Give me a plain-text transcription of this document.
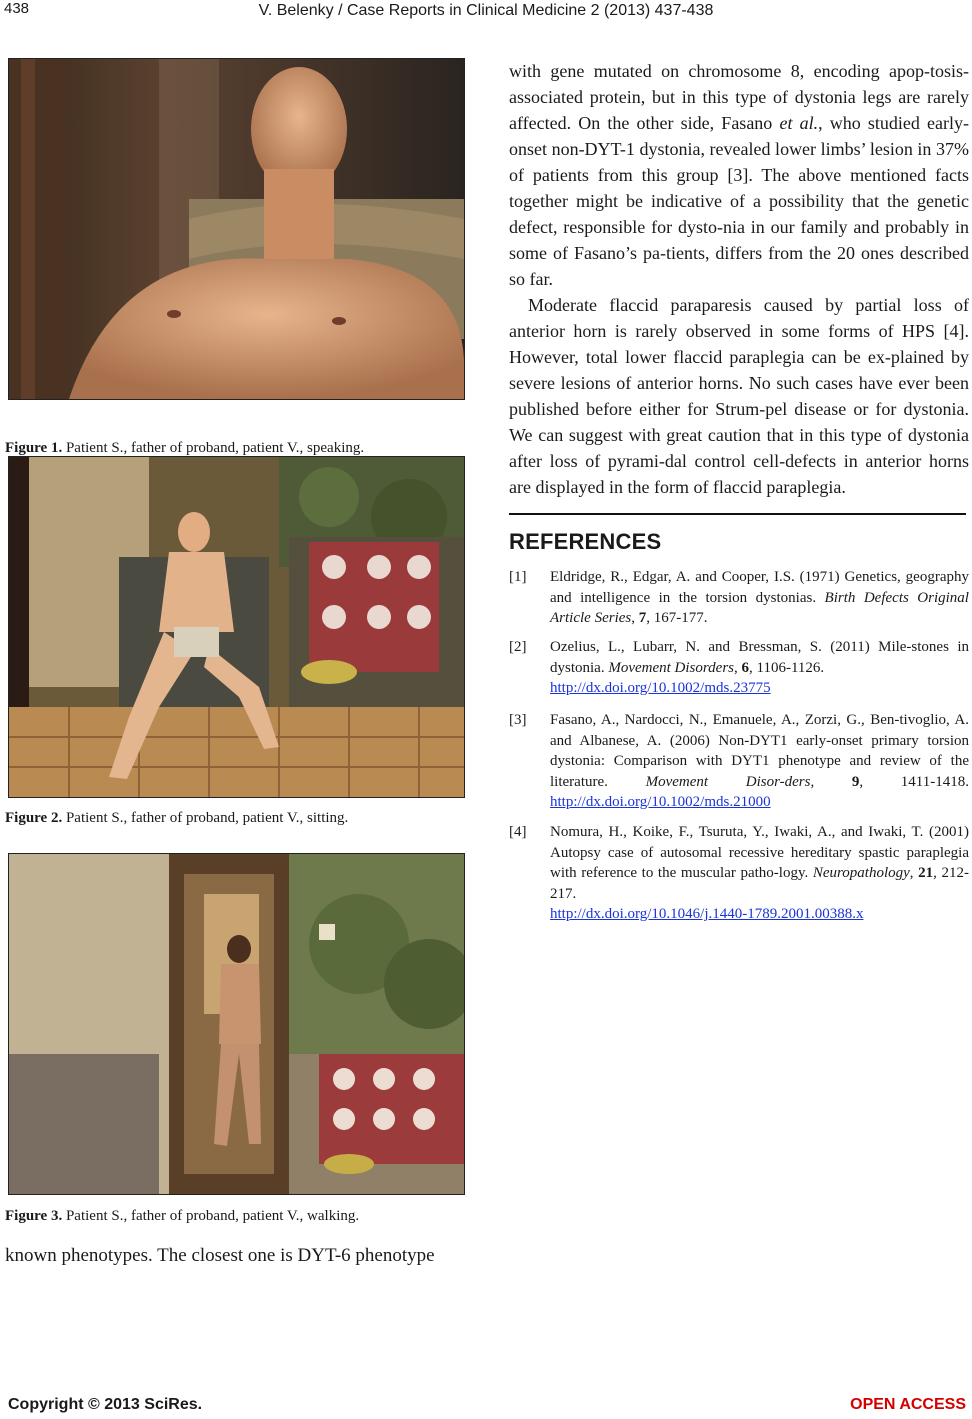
438	V. Belenky / Case Reports in Clinical Medicine 2 (2013) 437-438
Figure 1. Patient S., father of proband, patient V., speaking.
Figure 2. Patient S., father of proband, patient V., sitting.
Figure 3. Patient S., father of proband, patient V., walking.
known phenotypes. The closest one is DYT-6 phenotype

with gene mutated on chromosome 8, encoding apop-tosis-associated protein, but in this type of dystonia legs are rarely affected. On the other side, Fasano et al., who studied early-onset non-DYT-1 dystonia, revealed lower limbs’ lesion in 37% of patients from this group [3]. The above mentioned facts together might be indicative of a possibility that the genetic defect, responsible for dysto-nia in our family and probably in some of Fasano’s pa-tients, differs from the 20 ones described so far.

Moderate flaccid paraparesis caused by partial loss of anterior horn is rarely observed in some forms of HPS [4]. However, total lower flaccid paraplegia can be ex-plained by severe lesions of anterior horns. No such cases have ever been published before either for Strum-pel disease or for dystonia. We can suggest with great caution that in this type of dystonia after loss of pyrami-dal control cell-defects in anterior horns are displayed in the form of flaccid paraplegia.

REFERENCES
[1]	Eldridge, R., Edgar, A. and Cooper, I.S. (1971) Genetics, geography and intelligence in the torsion dystonias. Birth Defects Original Article Series, 7, 167-177.
[2]	Ozelius, L., Lubarr, N. and Bressman, S. (2011) Mile-stones in dystonia. Movement Disorders, 6, 1106-1126.
http://dx.doi.org/10.1002/mds.23775
[3]	Fasano, A., Nardocci, N., Emanuele, A., Zorzi, G., Ben-tivoglio, A. and Albanese, A. (2006) Non-DYT1 early-onset primary torsion dystonia: Comparison with DYT1 phenotype and review of the literature. Movement Disor-ders, 9, 1411-1418. http://dx.doi.org/10.1002/mds.21000
[4]	Nomura, H., Koike, F., Tsuruta, Y., Iwaki, A., and Iwaki, T. (2001) Autopsy case of autosomal recessive hereditary spastic paraplegia with reference to the muscular patho-logy. Neuropathology, 21, 212-217.
http://dx.doi.org/10.1046/j.1440-1789.2001.00388.x
Copyright © 2013 SciRes.	OPEN ACCESS
